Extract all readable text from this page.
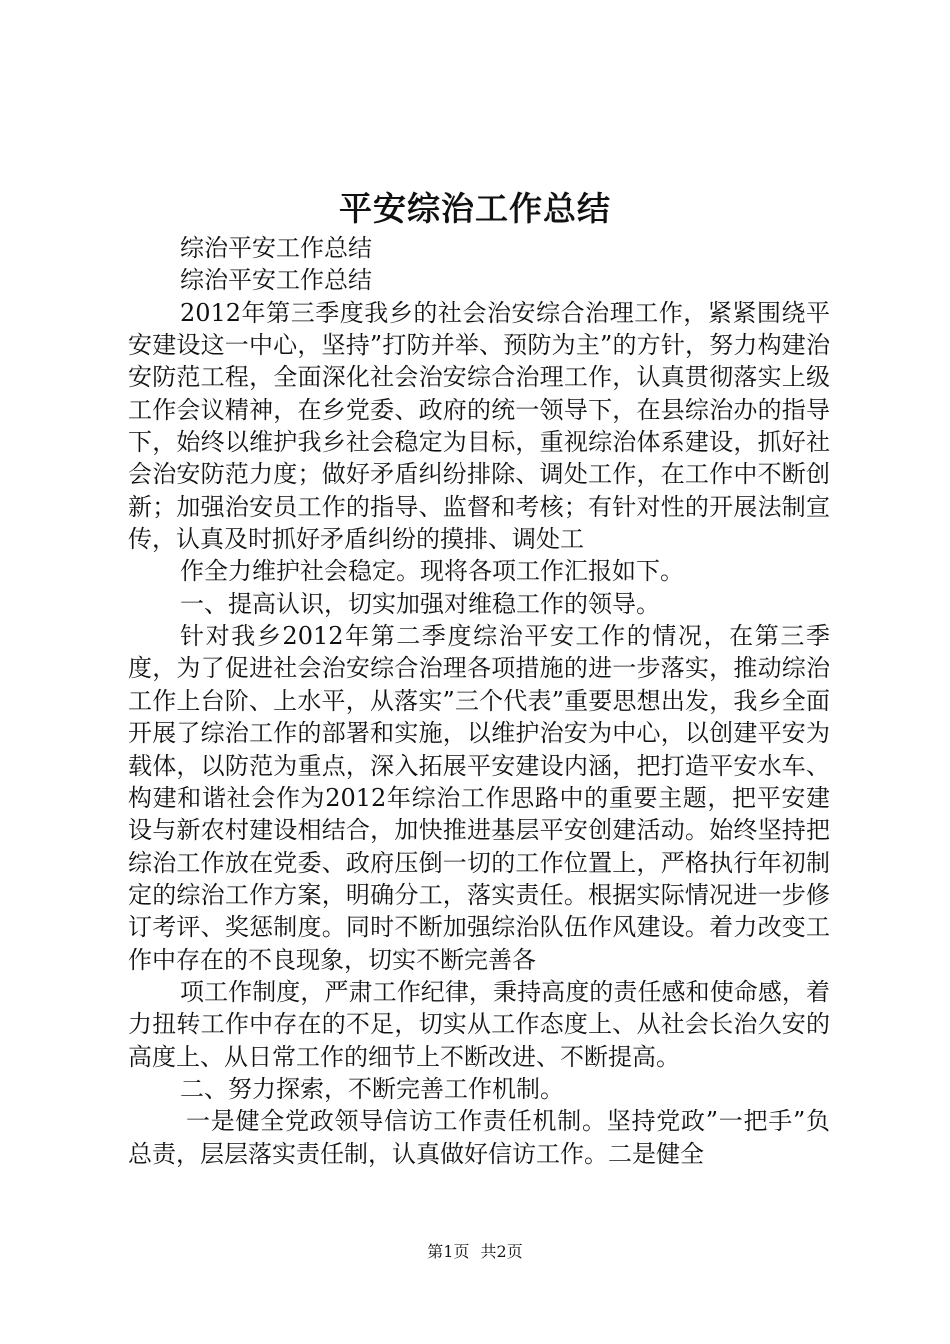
平安综治工作总结

综治平安工作总结

综治平安工作总结

2012年第三季度我乡的社会治安综合治理工作，紧紧围绕平安建设这一中心，坚持”打防并举、预防为主”的方针，努力构建治安防范工程，全面深化社会治安综合治理工作，认真贯彻落实上级工作会议精神，在乡党委、政府的统一领导下，在县综治办的指导下，始终以维护我乡社会稳定为目标，重视综治体系建设，抓好社会治安防范力度；做好矛盾纠纷排除、调处工作，在工作中不断创新；加强治安员工作的指导、监督和考核；有针对性的开展法制宣传，认真及时抓好矛盾纠纷的摸排、调处工

作全力维护社会稳定。现将各项工作汇报如下。

一、提高认识，切实加强对维稳工作的领导。

针对我乡2012年第二季度综治平安工作的情况，在第三季度，为了促进社会治安综合治理各项措施的进一步落实，推动综治工作上台阶、上水平，从落实”三个代表”重要思想出发，我乡全面开展了综治工作的部署和实施，以维护治安为中心，以创建平安为载体，以防范为重点，深入拓展平安建设内涵，把打造平安水车、构建和谐社会作为2012年综治工作思路中的重要主题，把平安建设与新农村建设相结合，加快推进基层平安创建活动。始终坚持把综治工作放在党委、政府压倒一切的工作位置上，严格执行年初制定的综治工作方案，明确分工，落实责任。根据实际情况进一步修订考评、奖惩制度。同时不断加强综治队伍作风建设。着力改变工作中存在的不良现象，切实不断完善各

项工作制度，严肃工作纪律，秉持高度的责任感和使命感，着力扭转工作中存在的不足，切实从工作态度上、从社会长治久安的高度上、从日常工作的细节上不断改进、不断提高。

二、努力探索，不断完善工作机制。

一是健全党政领导信访工作责任机制。坚持党政”一把手”负总责，层层落实责任制，认真做好信访工作。二是健全

第1页 共2页
